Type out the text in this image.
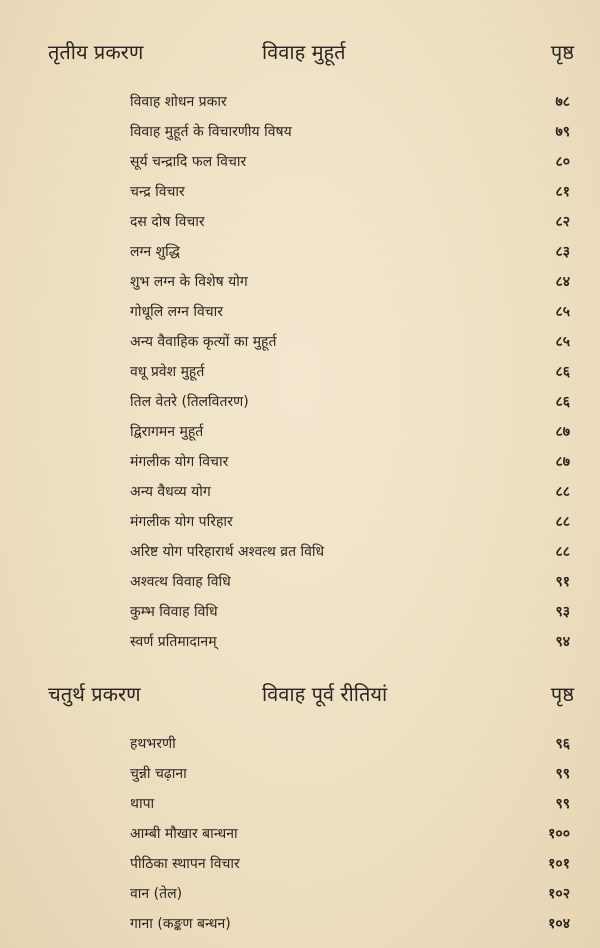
तृतीय प्रकरण	विवाह मुहूर्त	पृष्ठ
विवाह शोधन प्रकार	७८
विवाह मुहूर्त के विचारणीय विषय	७९
सूर्य चन्द्रादि फल विचार	८०
चन्द्र विचार	८१
दस दोष विचार	८२
लग्न शुद्धि	८३
शुभ लग्न के विशेष योग	८४
गोधूलि लग्न विचार	८५
अन्य वैवाहिक कृत्यों का मुहूर्त	८५
वधू प्रवेश मुहूर्त	८६
तिल वेतरे (तिलवितरण)	८६
द्विरागमन मुहूर्त	८७
मंगलीक योग विचार	८७
अन्य वैधव्य योग	८८
मंगलीक योग परिहार	८८
अरिष्ट योग परिहारार्थ अश्वत्थ व्रत विधि	८८
अश्वत्थ विवाह विधि	९१
कुम्भ विवाह विधि	९३
स्वर्ण प्रतिमादानम्	९४
चतुर्थ प्रकरण	विवाह पूर्व रीतियां	पृष्ठ
हथभरणी	९६
चुन्नी चढ़ाना	९९
थापा	९९
आम्बी मौखार बान्धना	१००
पीठिका स्थापन विचार	१०१
वान (तेल)	१०२
गाना (कङ्कण बन्धन)	१०४
